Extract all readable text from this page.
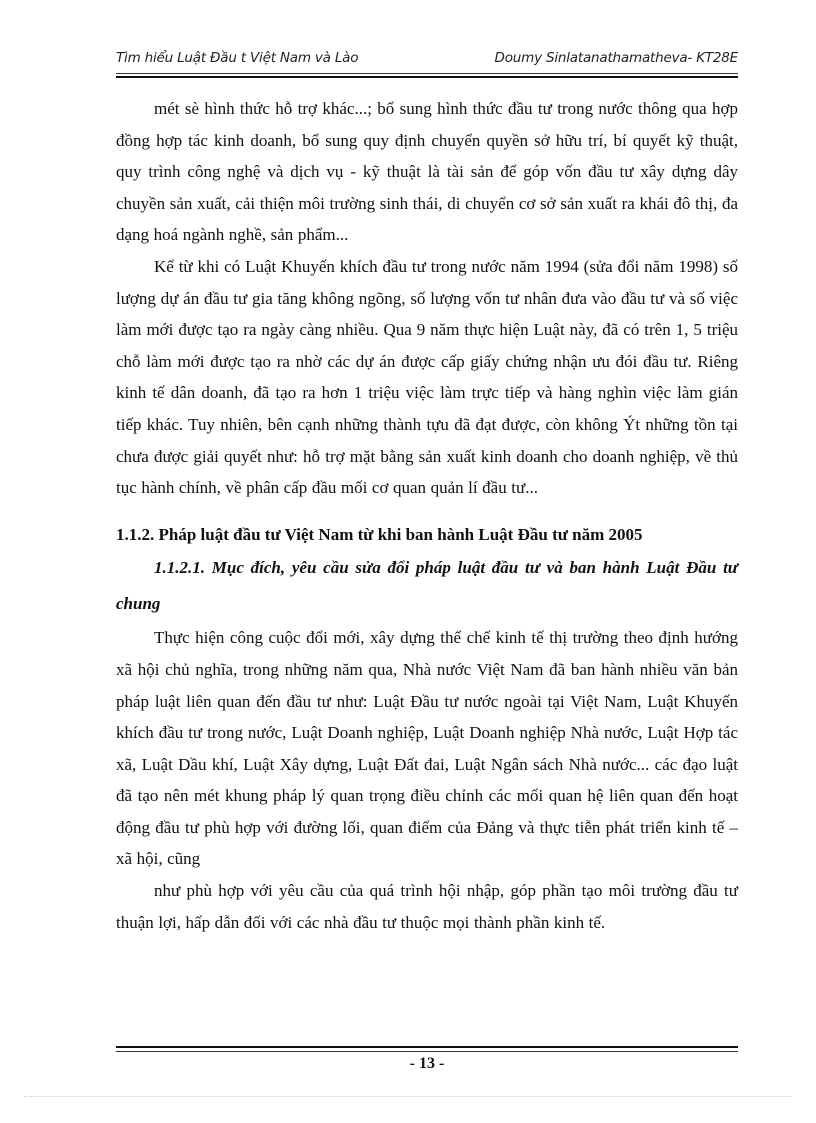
Tìm hiểu Luật Đầu t Việt Nam và Lào	Doumy Sinlatanathamatheva- KT28E

mét sè hình thức hỗ trợ khác...; bổ sung hình thức đầu tư trong nước thông qua hợp đồng hợp tác kinh doanh, bổ sung quy định chuyển quyền sở hữu trí, bí quyết kỹ thuật, quy trình công nghệ và dịch vụ - kỹ thuật là tài sản để góp vốn đầu tư xây dựng dây chuyền sản xuất, cải thiện môi trường sinh thái, di chuyển cơ sở sản xuất ra khái đô thị, đa dạng hoá ngành nghề, sản phẩm...

Kể từ khi có Luật Khuyến khích đầu tư trong nước năm 1994 (sửa đổi năm 1998) số lượng dự án đầu tư gia tăng không ngõng, số lượng vốn tư nhân đưa vào đầu tư và số việc làm mới được tạo ra ngày càng nhiều. Qua 9 năm thực hiện Luật này, đã có trên 1, 5 triệu chỗ làm mới được tạo ra nhờ các dự án được cấp giấy chứng nhận ưu đói đầu tư. Riêng kinh tế dân doanh, đã tạo ra hơn 1 triệu việc làm trực tiếp và hàng nghìn việc làm gián tiếp khác. Tuy nhiên, bên cạnh những thành tựu đã đạt được, còn không Ýt những tồn tại chưa được giải quyết như: hỗ trợ mặt bằng sản xuất kinh doanh cho doanh nghiệp, về thủ tục hành chính, về phân cấp đầu mối cơ quan quản lí đầu tư...

1.1.2. Pháp luật đầu tư Việt Nam từ khi ban hành Luật Đầu tư năm 2005
1.1.2.1. Mục đích, yêu cầu sửa đổi pháp luật đầu tư và ban hành Luật Đầu tư chung

Thực hiện công cuộc đổi mới, xây dựng thể chế kinh tế thị trường theo định hướng xã hội chủ nghĩa, trong những năm qua, Nhà nước Việt Nam đã ban hành nhiều văn bản pháp luật liên quan đến đầu tư như: Luật Đầu tư nước ngoài tại Việt Nam, Luật Khuyến khích đầu tư trong nước, Luật Doanh nghiệp, Luật Doanh nghiệp Nhà nước, Luật Hợp tác xã, Luật Dầu khí, Luật Xây dựng, Luật Đất đai, Luật Ngân sách Nhà nước... các đạo luật đã tạo nên mét khung pháp lý quan trọng điều chỉnh các mối quan hệ liên quan đến hoạt động đầu tư phù hợp với đường lối, quan điểm của Đảng và thực tiễn phát triển kinh tế – xã hội, cũng

như phù hợp với yêu cầu của quá trình hội nhập, góp phần tạo môi trường đầu tư thuận lợi, hấp dẫn đối với các nhà đầu tư thuộc mọi thành phần kinh tế.

- 13 -
